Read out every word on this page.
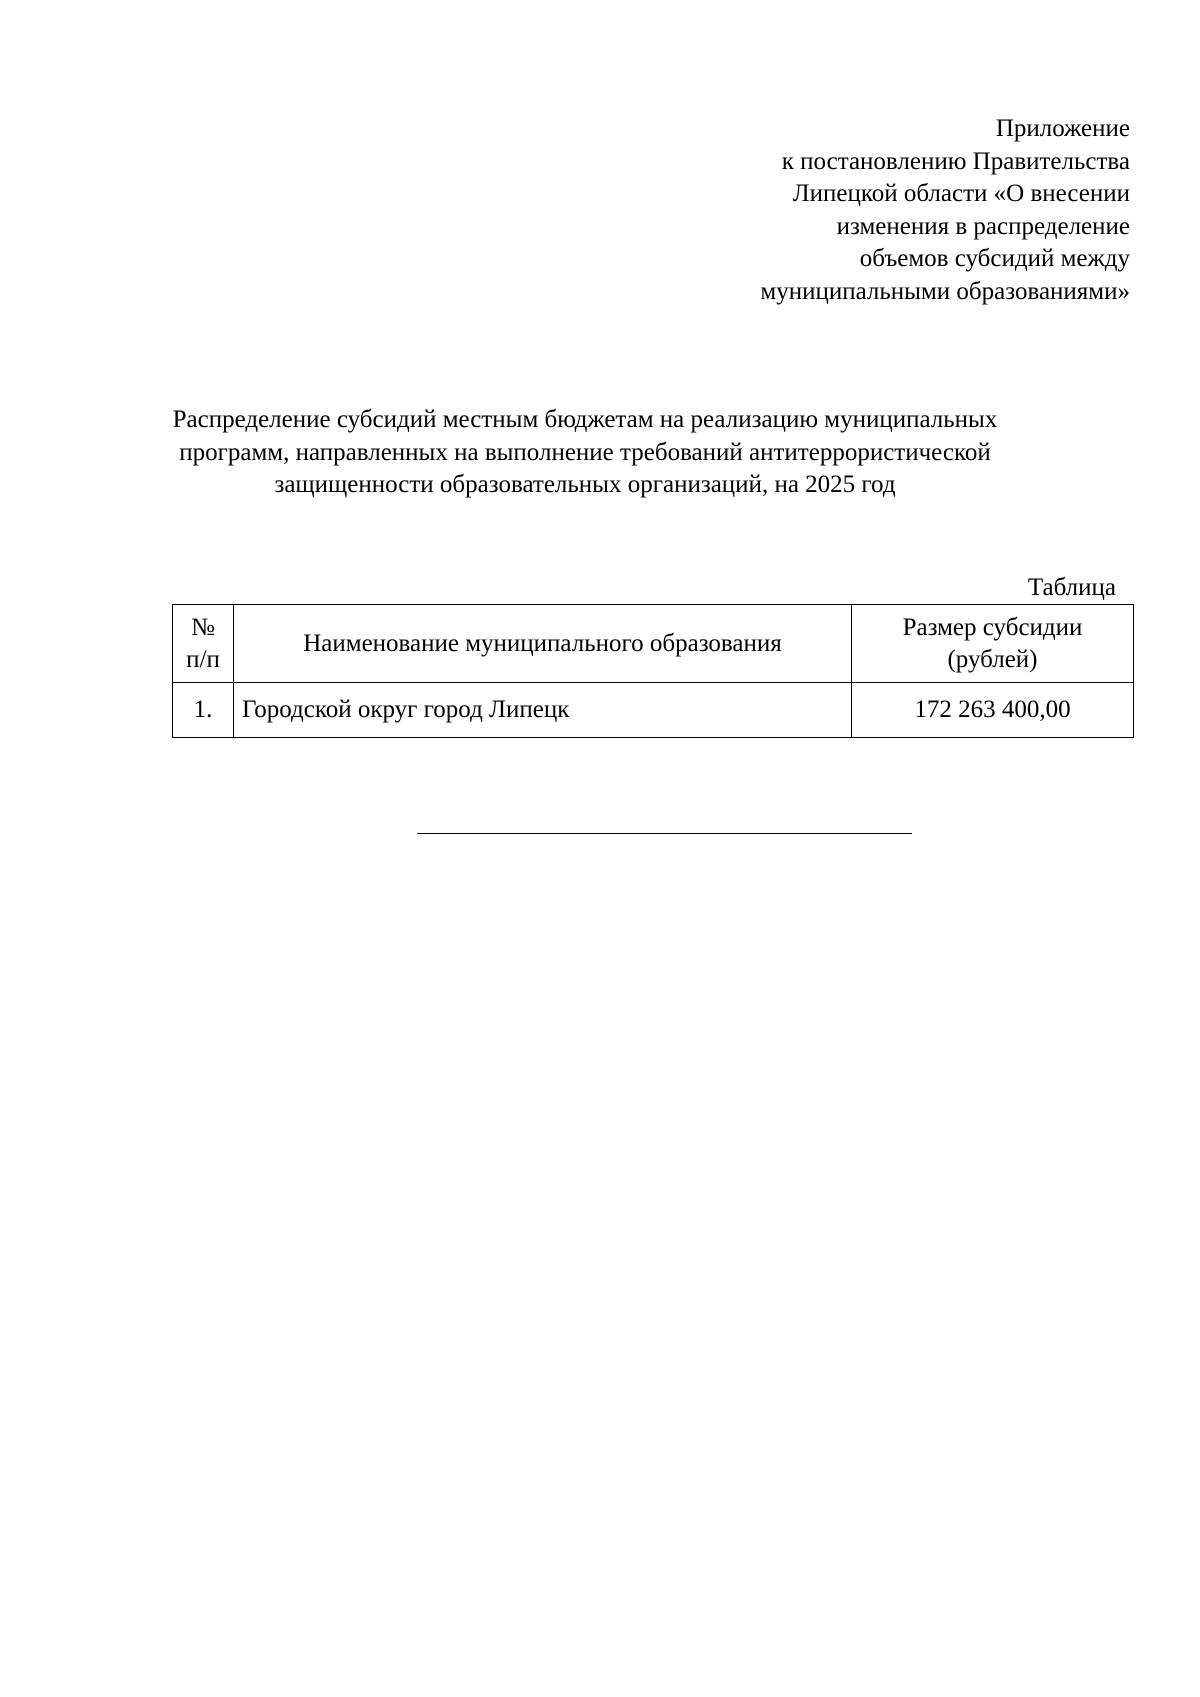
Приложение
к постановлению Правительства
Липецкой области «О внесении
изменения в распределение
объемов субсидий между
муниципальными образованиями»
Распределение субсидий местным бюджетам на реализацию муниципальных
программ, направленных на выполнение требований антитеррористической
защищенности образовательных организаций, на 2025 год
Таблица
№
п/п	Наименование муниципального образования	Размер субсидии
(рублей)

1.	Городской округ город Липецк	172 263 400,00
